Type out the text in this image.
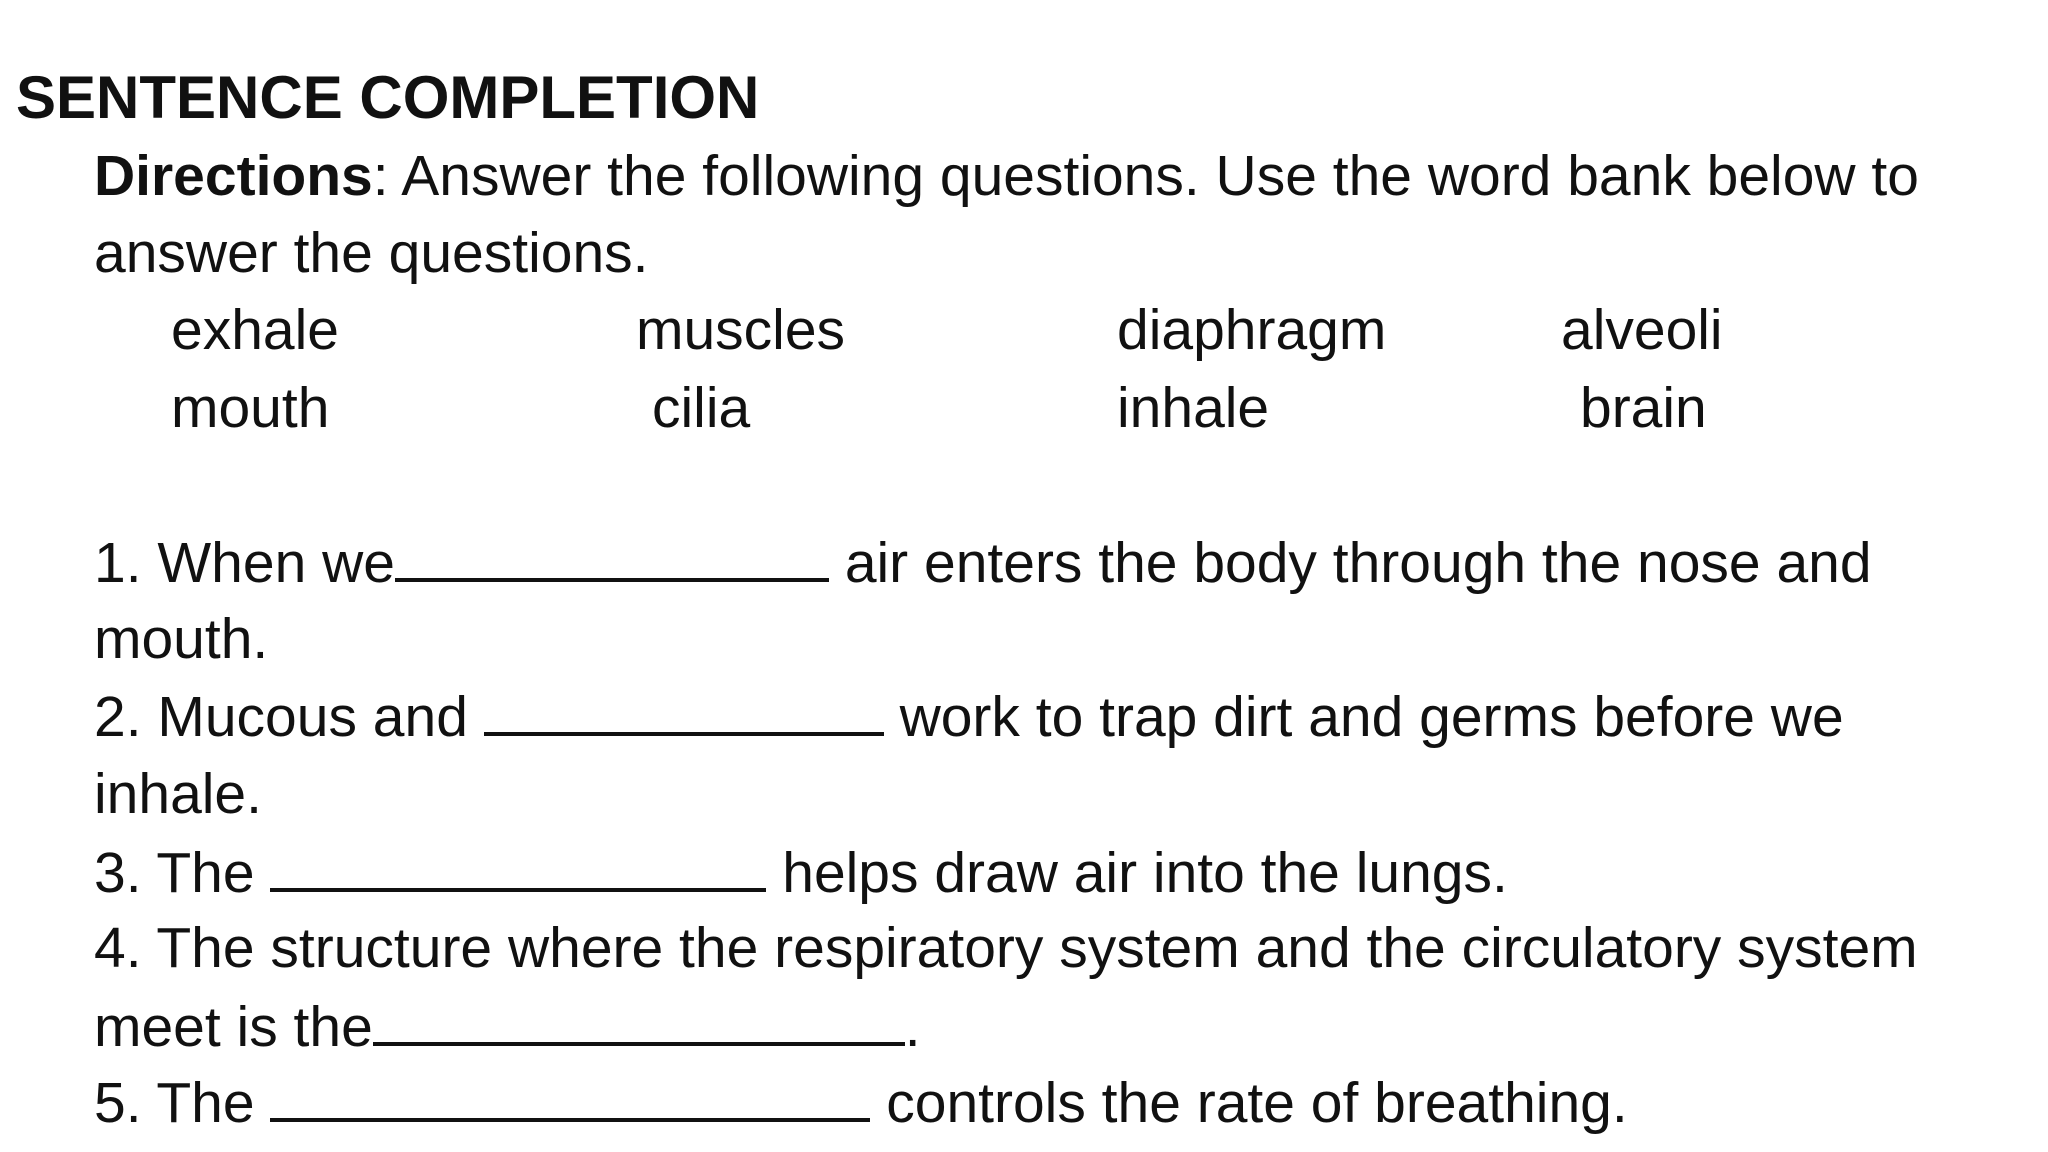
SENTENCE COMPLETION
Directions: Answer the following questions. Use the word bank below to
answer the questions.
exhale	muscles	diaphragm	alveoli
mouth	cilia	inhale	brain
1. When we	air enters the body through the nose and
mouth.
2. Mucous and	work to trap dirt and germs before we
inhale.
3. The	helps draw air into the lungs.
4. The structure where the respiratory system and the circulatory system
meet is the	.
5. The	controls the rate of breathing.
